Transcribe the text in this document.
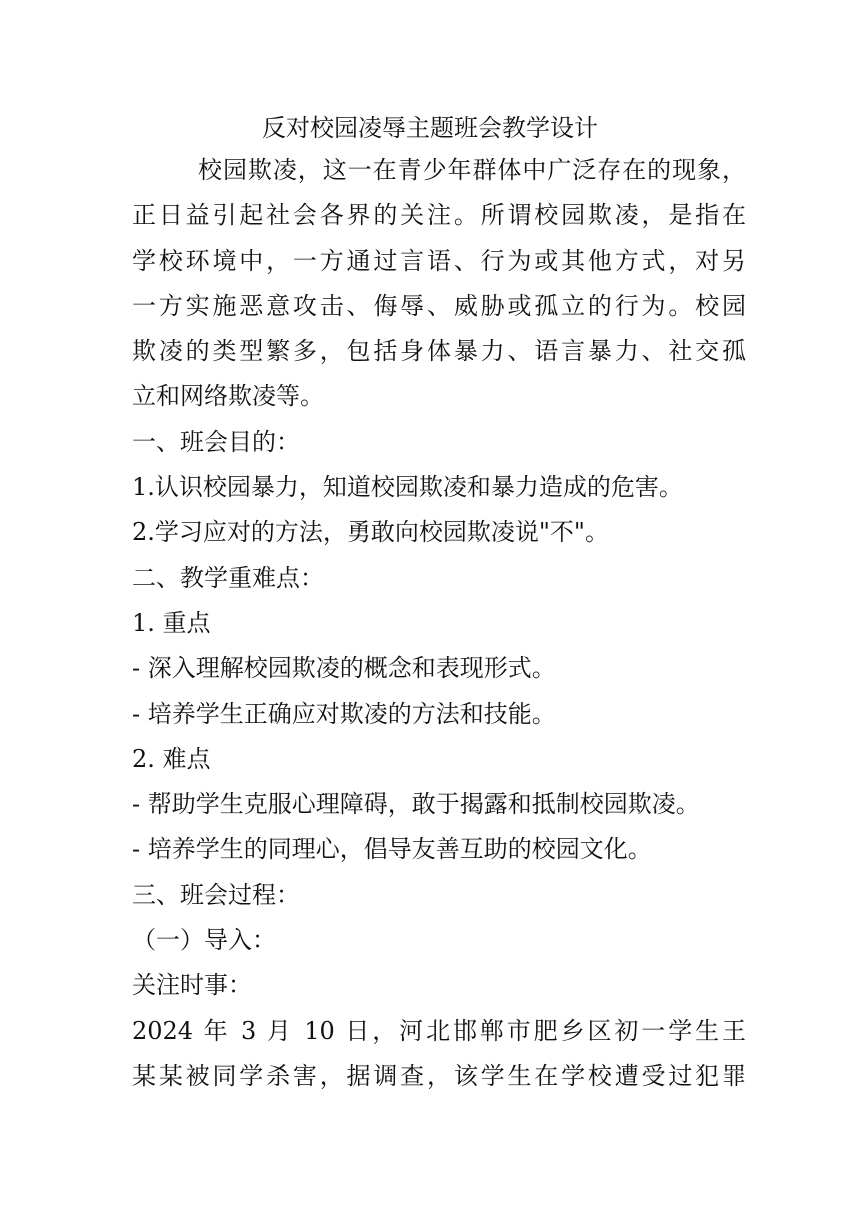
反对校园凌辱主题班会教学设计

校园欺凌，这一在青少年群体中广泛存在的现象，

正日益引起社会各界的关注。所谓校园欺凌，是指在

学校环境中，一方通过言语、行为或其他方式，对另

一方实施恶意攻击、侮辱、威胁或孤立的行为。校园

欺凌的类型繁多，包括身体暴力、语言暴力、社交孤

立和网络欺凌等。

一、班会目的：

1.认识校园暴力，知道校园欺凌和暴力造成的危害。

2.学习应对的方法，勇敢向校园欺凌说"不"。

二、教学重难点：

1. 重点

- 深入理解校园欺凌的概念和表现形式。

- 培养学生正确应对欺凌的方法和技能。

2. 难点

- 帮助学生克服心理障碍，敢于揭露和抵制校园欺凌。

- 培养学生的同理心，倡导友善互助的校园文化。

三、班会过程：

（一）导入：

关注时事：

2024 年 3 月 10 日，河北邯郸市肥乡区初一学生王

某某被同学杀害，据调查，该学生在学校遭受过犯罪
